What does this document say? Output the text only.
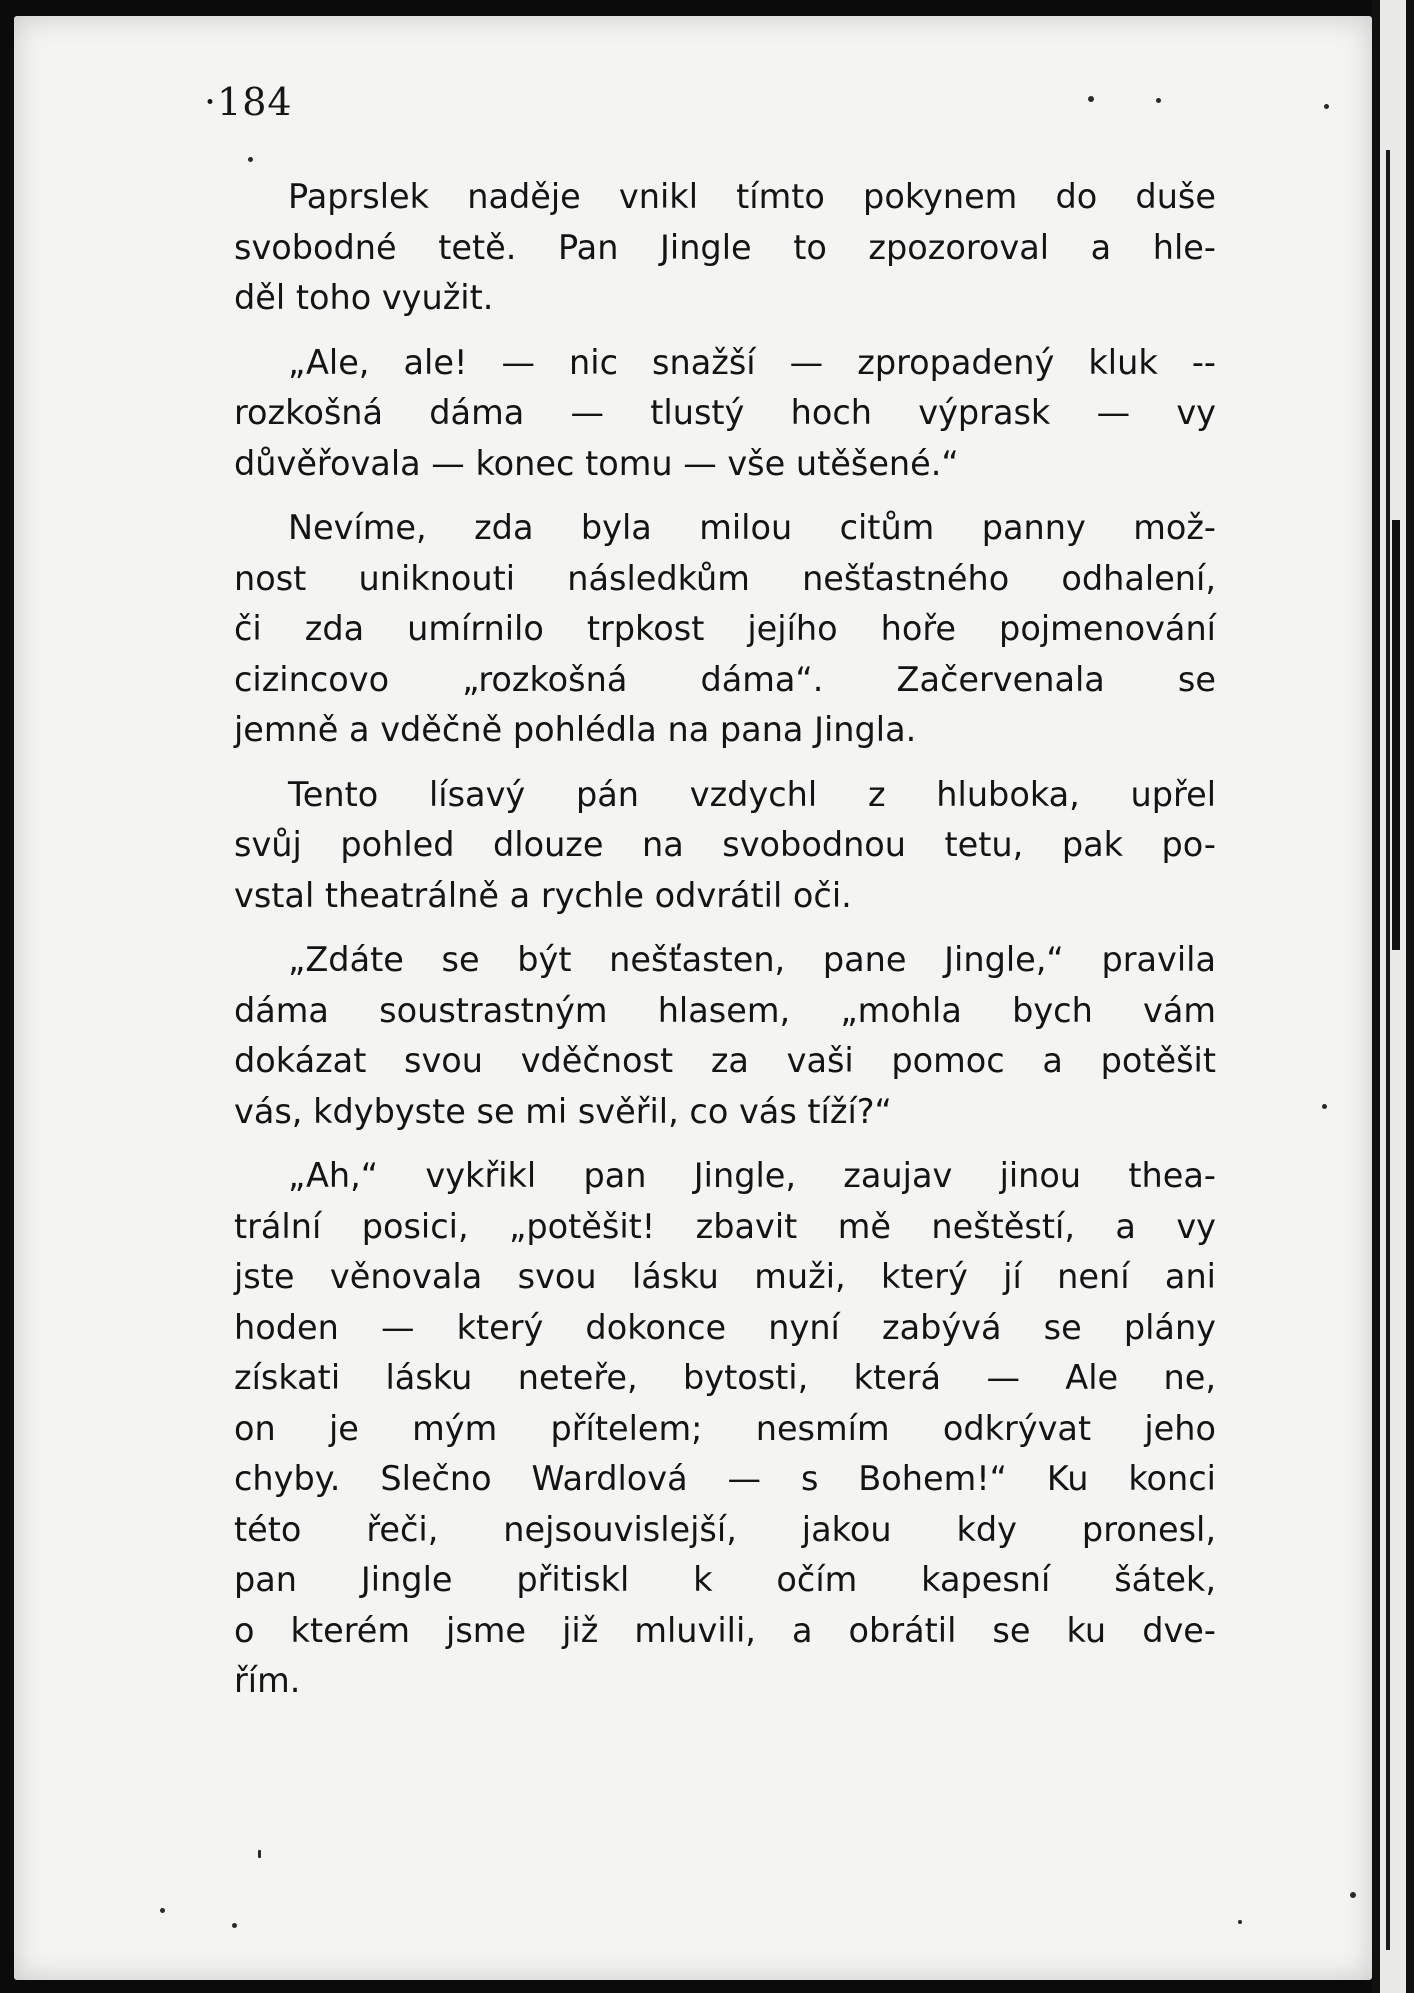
·184
Paprslek naděje vnikl tímto pokynem do duše
svobodné tetě. Pan Jingle to zpozoroval a hle-
děl toho využit.
„Ale, ale! — nic snažší — zpropadený kluk --
rozkošná dáma — tlustý hoch výprask — vy
důvěřovala — konec tomu — vše utěšené.“
Nevíme, zda byla milou citům panny mož-
nost uniknouti následkům nešťastného odhalení,
či zda umírnilo trpkost jejího hoře pojmenování
cizincovo „rozkošná dáma“. Začervenala se
jemně a vděčně pohlédla na pana Jingla.
Tento lísavý pán vzdychl z hluboka, upřel
svůj pohled dlouze na svobodnou tetu, pak po-
vstal theatrálně a rychle odvrátil oči.
„Zdáte se být nešťasten, pane Jingle,“ pravila
dáma soustrastným hlasem, „mohla bych vám
dokázat svou vděčnost za vaši pomoc a potěšit
vás, kdybyste se mi svěřil, co vás tíží?“
„Ah,“ vykřikl pan Jingle, zaujav jinou thea-
trální posici, „potěšit! zbavit mě neštěstí, a vy
jste věnovala svou lásku muži, který jí není ani
hoden — který dokonce nyní zabývá se plány
získati lásku neteře, bytosti, která — Ale ne,
on je mým přítelem; nesmím odkrývat jeho
chyby. Slečno Wardlová — s Bohem!“ Ku konci
této řeči, nejsouvislejší, jakou kdy pronesl,
pan Jingle přitiskl k očím kapesní šátek,
o kterém jsme již mluvili, a obrátil se ku dve-
řím.
